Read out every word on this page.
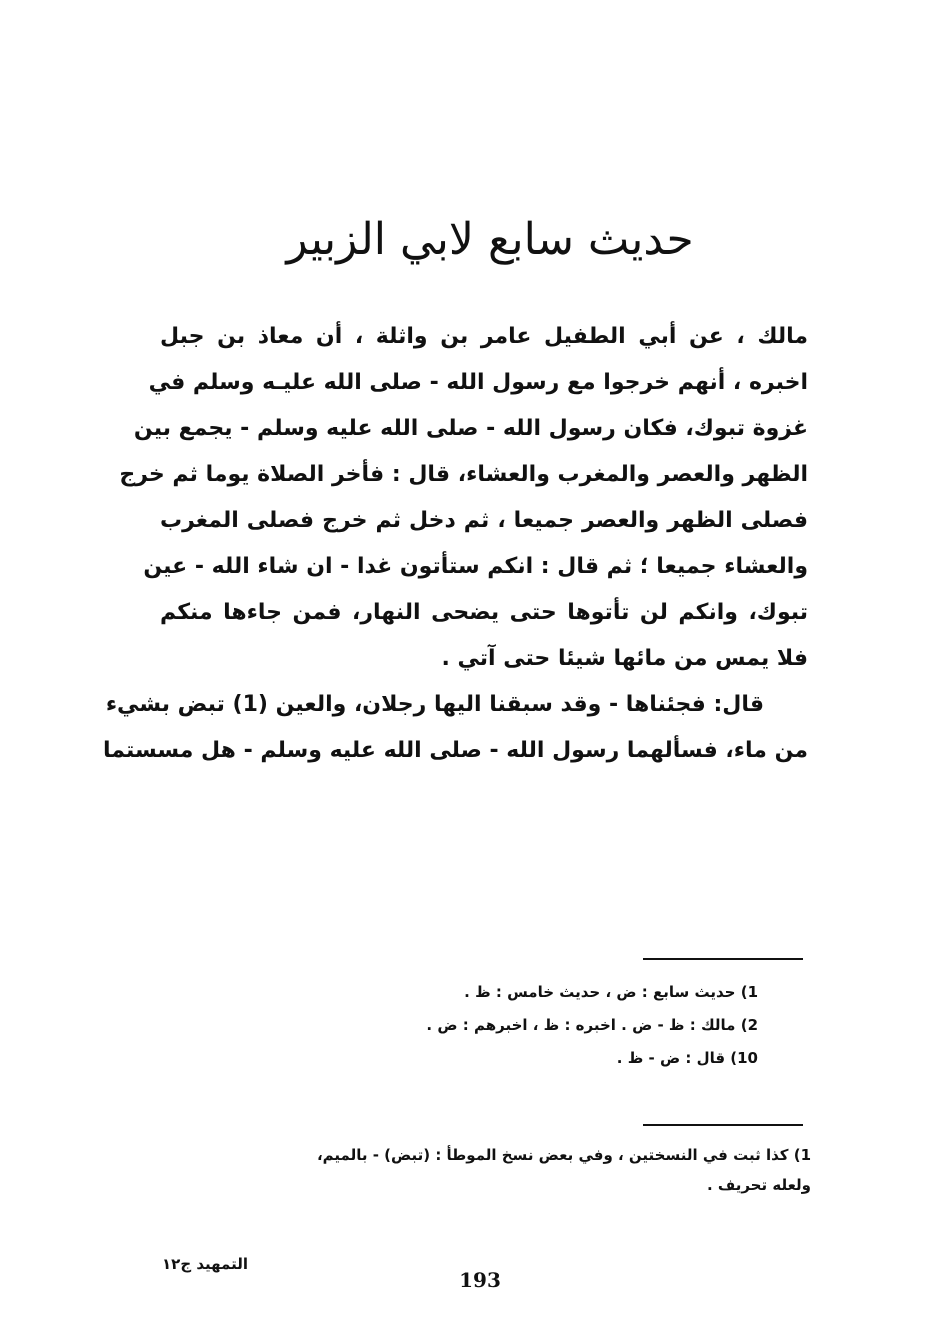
حديث سابع لابي الزبير
مالك ، عن أبي الطفيل عامر بن واثلة ، أن معاذ بن جبل
اخبره ، أنهم خرجوا مع رسول الله - صلى الله عليـه وسلم في
غزوة تبوك، فكان رسول الله - صلى الله عليه وسلم - يجمع بين
الظهر والعصر والمغرب والعشاء، قال : فأخر الصلاة يوما ثم خرج
فصلى الظهر والعصر جميعا ، ثم دخل ثم خرج فصلى المغرب
والعشاء جميعا ؛ ثم قال : انكم ستأتون غدا - ان شاء الله - عين
تبوك، وانكم لن تأتوها حتى يضحى النهار، فمن جاءها منكم
فلا يمس من مائها شيئا حتى آتي .
قال: فجئناها - وقد سبقنا اليها رجلان، والعين (1) تبض بشيء
من ماء، فسألهما رسول الله - صلى الله عليه وسلم - هل مسستما
1) حديث سابع : ض ، حديث خامس : ظ .
2) مالك : ظ - ض . اخبره : ظ ، اخبرهم : ض .
10) قال : ض - ظ .
1) كذا ثبت في النسختين ، وفي بعض نسخ الموطأ : (تبض) - بالميم،
ولعله تحريف .
التمهيد ج١٢
193
